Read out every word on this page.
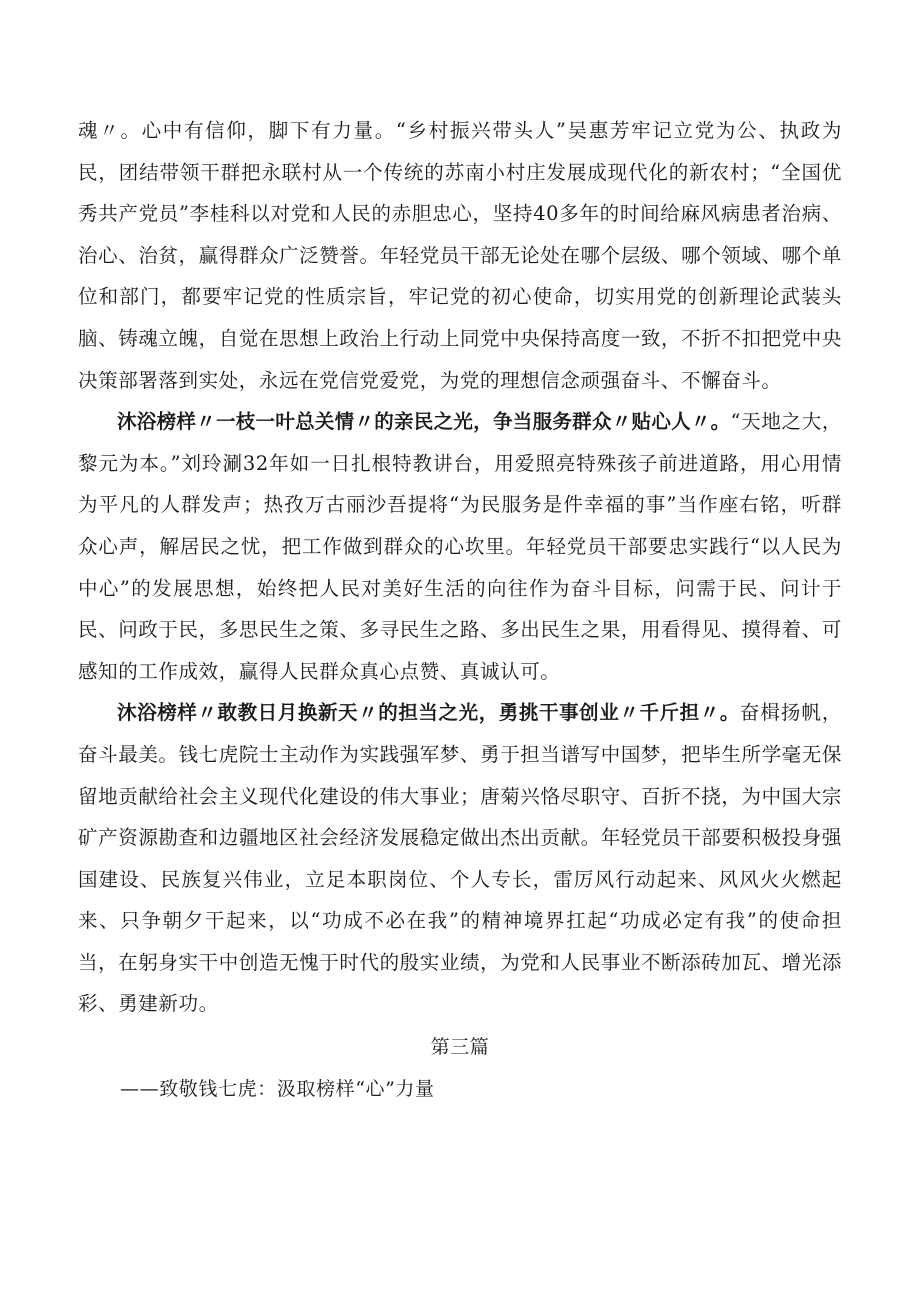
魂〃。心中有信仰，脚下有力量。“乡村振兴带头人”吴惠芳牢记立党为公、执政为民，团结带领干群把永联村从一个传统的苏南小村庄发展成现代化的新农村；“全国优秀共产党员”李桂科以对党和人民的赤胆忠心，坚持40多年的时间给麻风病患者治病、治心、治贫，赢得群众广泛赞誉。年轻党员干部无论处在哪个层级、哪个领域、哪个单位和部门，都要牢记党的性质宗旨，牢记党的初心使命，切实用党的创新理论武装头脑、铸魂立魄，自觉在思想上政治上行动上同党中央保持高度一致，不折不扣把党中央决策部署落到实处，永远在党信党爱党，为党的理想信念顽强奋斗、不懈奋斗。

沐浴榜样〃一枝一叶总关情〃的亲民之光，争当服务群众〃贴心人〃。“天地之大，黎元为本。”刘玲涮32年如一日扎根特教讲台，用爱照亮特殊孩子前进道路，用心用情为平凡的人群发声；热孜万古丽沙吾提将“为民服务是件幸福的事”当作座右铭，听群众心声，解居民之忧，把工作做到群众的心坎里。年轻党员干部要忠实践行“以人民为中心”的发展思想，始终把人民对美好生活的向往作为奋斗目标，问需于民、问计于民、问政于民，多思民生之策、多寻民生之路、多出民生之果，用看得见、摸得着、可感知的工作成效，赢得人民群众真心点赞、真诚认可。

沐浴榜样〃敢教日月换新天〃的担当之光，勇挑干事创业〃千斤担〃。奋楫扬帆，奋斗最美。钱七虎院士主动作为实践强军梦、勇于担当谱写中国梦，把毕生所学毫无保留地贡献给社会主义现代化建设的伟大事业；唐菊兴恪尽职守、百折不挠，为中国大宗矿产资源勘查和边疆地区社会经济发展稳定做出杰出贡献。年轻党员干部要积极投身强国建设、民族复兴伟业，立足本职岗位、个人专长，雷厉风行动起来、风风火火燃起来、只争朝夕干起来，以“功成不必在我”的精神境界扛起“功成必定有我”的使命担当，在躬身实干中创造无愧于时代的殷实业绩，为党和人民事业不断添砖加瓦、增光添彩、勇建新功。

第三篇

——致敬钱七虎：汲取榜样“心”力量
